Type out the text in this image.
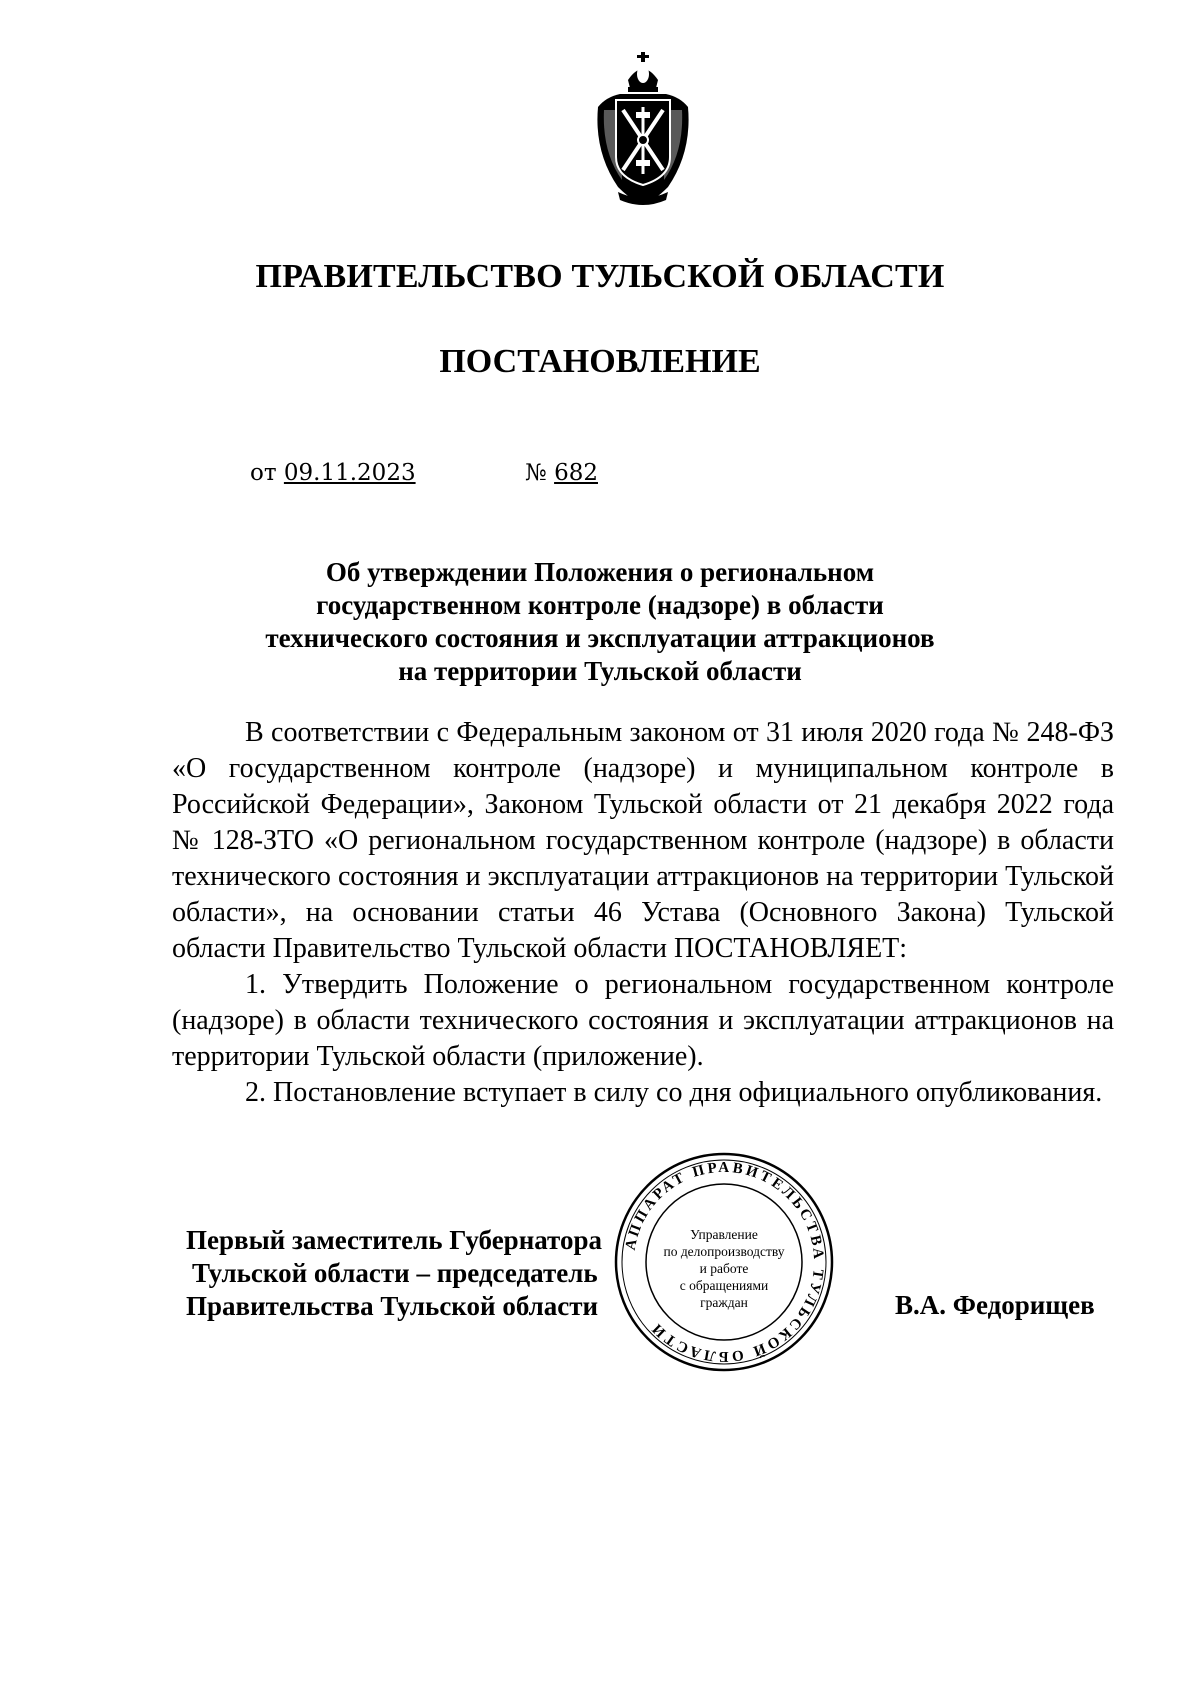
ПРАВИТЕЛЬСТВО ТУЛЬСКОЙ ОБЛАСТИ
ПОСТАНОВЛЕНИЕ
от 09.11.2023	№ 682
Об утверждении Положения о региональном
государственном контроле (надзоре) в области
технического состояния и эксплуатации аттракционов
на территории Тульской области

В соответствии с Федеральным законом от 31 июля 2020 года № 248-ФЗ «О государственном контроле (надзоре) и муниципальном контроле в Российской Федерации», Законом Тульской области от 21 декабря 2022 года № 128-ЗТО «О региональном государственном контроле (надзоре) в области технического состояния и эксплуатации аттракционов на территории Тульской области», на основании статьи 46 Устава (Основного Закона) Тульской области Правительство Тульской области ПОСТАНОВЛЯЕТ:

1. Утвердить Положение о региональном государственном контроле (надзоре) в области технического состояния и эксплуатации аттракционов на территории Тульской области (приложение).

2. Постановление вступает в силу со дня официального опубликования.

Первый заместитель Губернатора
Тульской области – председатель
Правительства Тульской области
АППАРАТ ПРАВИТЕЛЬСТВА ТУЛЬСКОЙ ОБЛАСТИ
Управление
по делопроизводству
и работе
с обращениями
граждан	В.А. Федорищев
